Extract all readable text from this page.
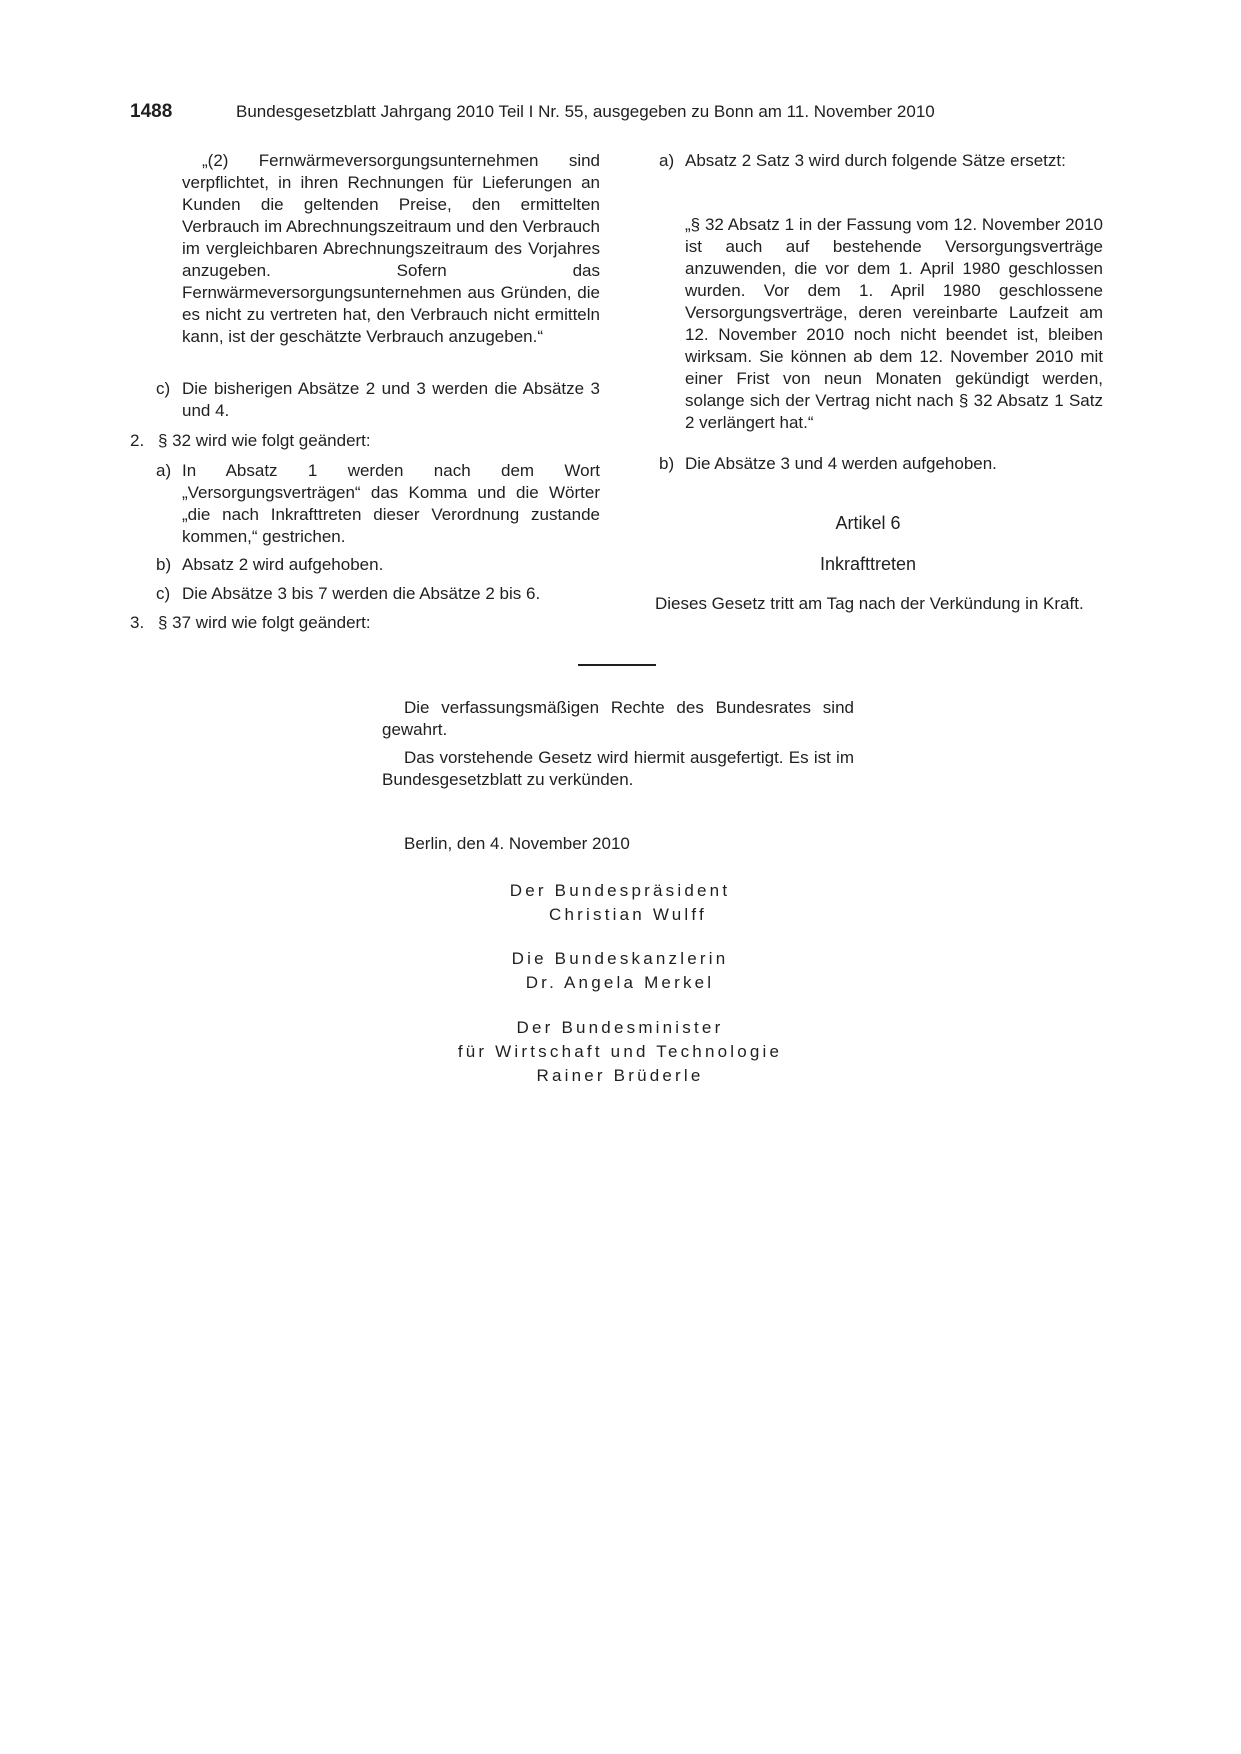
1488	Bundesgesetzblatt Jahrgang 2010 Teil I Nr. 55, ausgegeben zu Bonn am 11. November 2010
„(2) Fernwärmeversorgungsunternehmen sind verpflichtet, in ihren Rechnungen für Lieferungen an Kunden die geltenden Preise, den ermittelten Verbrauch im Abrechnungszeitraum und den Verbrauch im vergleichbaren Abrechnungszeitraum des Vorjahres anzugeben. Sofern das Fernwärmeversorgungsunternehmen aus Gründen, die es nicht zu vertreten hat, den Verbrauch nicht ermitteln kann, ist der geschätzte Verbrauch anzugeben.“
c) Die bisherigen Absätze 2 und 3 werden die Absätze 3 und 4.
2. § 32 wird wie folgt geändert:
a) In Absatz 1 werden nach dem Wort „Versorgungsverträgen“ das Komma und die Wörter „die nach Inkrafttreten dieser Verordnung zustande kommen,“ gestrichen.
b) Absatz 2 wird aufgehoben.
c) Die Absätze 3 bis 7 werden die Absätze 2 bis 6.
3. § 37 wird wie folgt geändert:
a) Absatz 2 Satz 3 wird durch folgende Sätze ersetzt:
„§ 32 Absatz 1 in der Fassung vom 12. November 2010 ist auch auf bestehende Versorgungsverträge anzuwenden, die vor dem 1. April 1980 geschlossen wurden. Vor dem 1. April 1980 geschlossene Versorgungsverträge, deren vereinbarte Laufzeit am 12. November 2010 noch nicht beendet ist, bleiben wirksam. Sie können ab dem 12. November 2010 mit einer Frist von neun Monaten gekündigt werden, solange sich der Vertrag nicht nach § 32 Absatz 1 Satz 2 verlängert hat.“
b) Die Absätze 3 und 4 werden aufgehoben.
Artikel 6
Inkrafttreten
Dieses Gesetz tritt am Tag nach der Verkündung in Kraft.
Die verfassungsmäßigen Rechte des Bundesrates sind gewahrt.
Das vorstehende Gesetz wird hiermit ausgefertigt. Es ist im Bundesgesetzblatt zu verkünden.
Berlin, den 4. November 2010
Der Bundespräsident
Christian Wulff
Die Bundeskanzlerin
Dr. Angela Merkel
Der Bundesminister
für Wirtschaft und Technologie
Rainer Brüderle
